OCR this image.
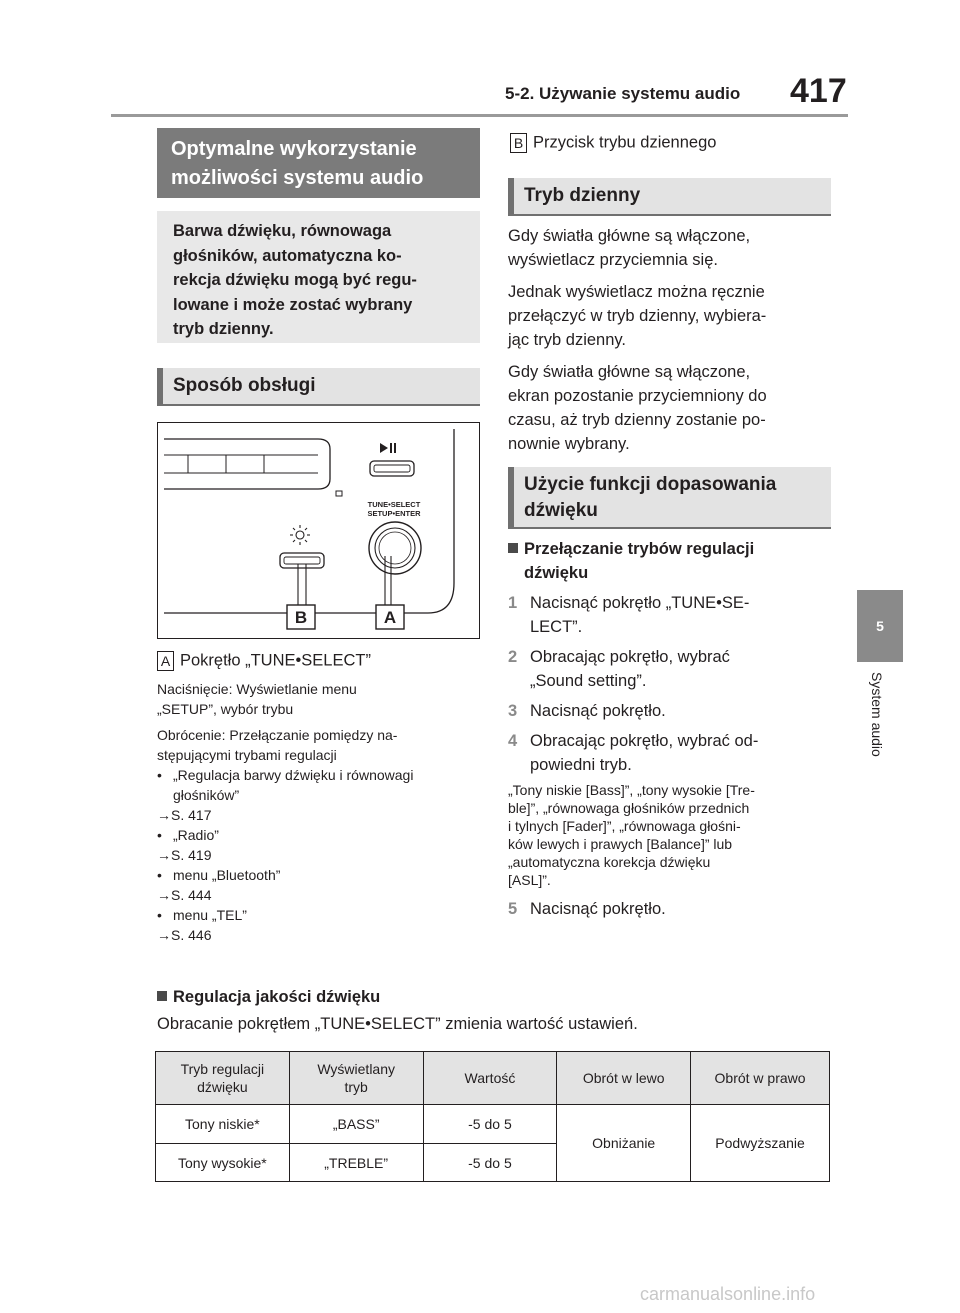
5-2. Używanie systemu audio 417
5
System audio
Optymalne wykorzystanie
możliwości systemu audio
Barwa dźwięku, równowaga
głośników, automatyczna ko-
rekcja dźwięku mogą być regu-
lowane i może zostać wybrany
tryb dzienny.
Sposób obsługi
TUNE•SELECT
SETUP•ENTER
B	A
A Pokrętło „TUNE•SELECT”

Naciśnięcie: Wyświetlanie menu
„SETUP”, wybór trybu

Obrócenie: Przełączanie pomiędzy na-
stępującymi trybami regulacji

• „Regulacja barwy dźwięku i równowagi
głośników”
→S. 417
• „Radio”
→S. 419
• menu „Bluetooth”
→S. 444
• menu „TEL”
→S. 446
B Przycisk trybu dziennego
Tryb dzienny

Gdy światła główne są włączone,
wyświetlacz przyciemnia się.

Jednak wyświetlacz można ręcznie
przełączyć w tryb dzienny, wybiera-
jąc tryb dzienny.

Gdy światła główne są włączone,
ekran pozostanie przyciemniony do
czasu, aż tryb dzienny zostanie po-
nownie wybrany.

Użycie funkcji dopasowania
dźwięku
Przełączanie trybów regulacji
dźwięku
1 Nacisnąć pokrętło „TUNE•SE-
LECT”.
2 Obracając pokrętło, wybrać
„Sound setting”.
3 Nacisnąć pokrętło.
4 Obracając pokrętło, wybrać od-
powiedni tryb.
„Tony niskie [Bass]”, „tony wysokie [Tre-
ble]”, „równowaga głośników przednich
i tylnych [Fader]”, „równowaga głośni-
ków lewych i prawych [Balance]” lub
„automatyczna korekcja dźwięku
[ASL]”.
5 Nacisnąć pokrętło.
Regulacja jakości dźwięku
Obracanie pokrętłem „TUNE•SELECT” zmienia wartość ustawień.
Tryb regulacji
dźwięku	Wyświetlany
tryb	Wartość	Obrót w lewo	Obrót w prawo
Tony niskie*	„BASS”	-5 do 5	Obniżanie	Podwyższanie
Tony wysokie*	„TREBLE”	-5 do 5		
carmanualsonline.info
